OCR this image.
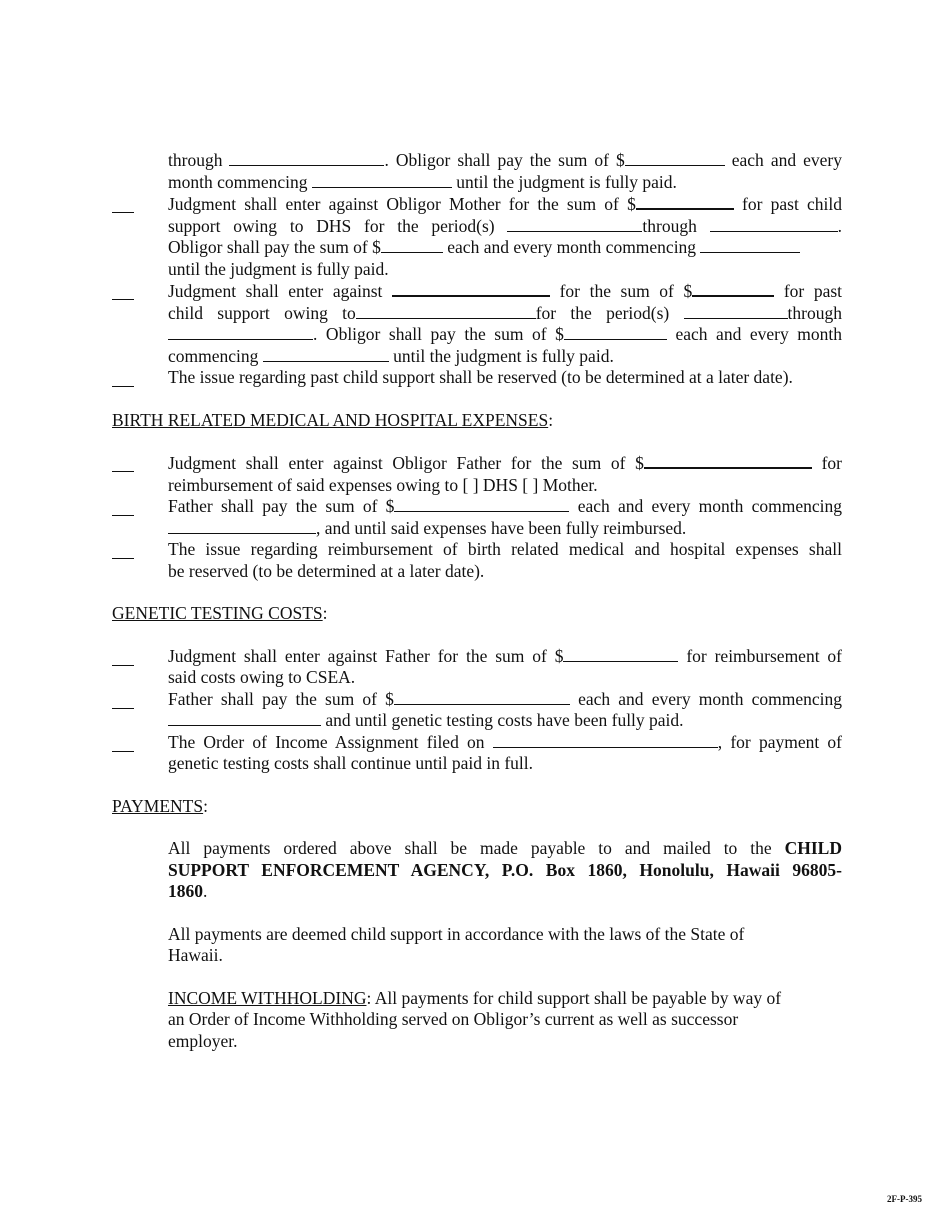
through	. Obligor shall pay the sum of $	each and every
month commencing	until the judgment is fully paid.
Judgment shall enter against Obligor Mother for the sum of $	for past child
support owing to DHS for the period(s)	through	.
Obligor shall pay the sum of $	each and every month commencing
until the judgment is fully paid.
Judgment shall enter against	for the sum of $	for past
child support owing to	for the period(s)	through
. Obligor shall pay the sum of $	each and every month
commencing	until the judgment is fully paid.
The issue regarding past child support shall be reserved (to be determined at a later date).
BIRTH RELATED MEDICAL AND HOSPITAL EXPENSES:
Judgment shall enter against Obligor Father for the sum of $	for
reimbursement of said expenses owing to [ ] DHS [ ] Mother.
Father shall pay the sum of $	each and every month commencing
, and until said expenses have been fully reimbursed.
The issue regarding reimbursement of birth related medical and hospital expenses shall
be reserved (to be determined at a later date).
GENETIC TESTING COSTS:
Judgment shall enter against Father for the sum of $	for reimbursement of
said costs owing to CSEA.
Father shall pay the sum of $	each and every month commencing
and until genetic testing costs have been fully paid.
The Order of Income Assignment filed on	, for payment of
genetic testing costs shall continue until paid in full.
PAYMENTS:
All payments ordered above shall be made payable to and mailed to the CHILD
SUPPORT ENFORCEMENT AGENCY, P.O. Box 1860, Honolulu, Hawaii 96805-
1860.
All payments are deemed child support in accordance with the laws of the State of
Hawaii.
INCOME WITHHOLDING: All payments for child support shall be payable by way of
an Order of Income Withholding served on Obligor’s current as well as successor
employer.
2F-P-395
